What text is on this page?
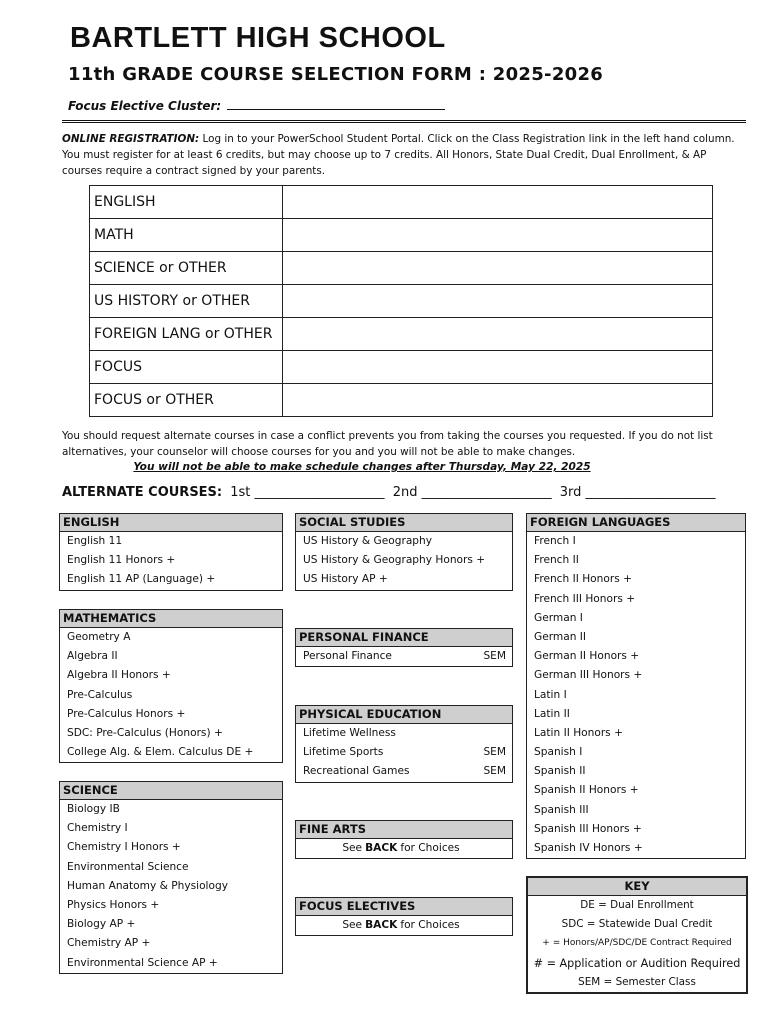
BARTLETT HIGH SCHOOL
11th GRADE COURSE SELECTION FORM : 2025-2026
Focus Elective Cluster:
ONLINE REGISTRATION: Log in to your PowerSchool Student Portal. Click on the Class Registration link in the left hand column. You must register for at least 6 credits, but may choose up to 7 credits. All Honors, State Dual Credit, Dual Enrollment, & AP courses require a contract signed by your parents.
ENGLISH	
MATH	
SCIENCE or OTHER	
US HISTORY or OTHER	
FOREIGN LANG or OTHER	
FOCUS	
FOCUS or OTHER	
You should request alternate courses in case a conflict prevents you from taking the courses you requested. If you do not list alternatives, your counselor will choose courses for you and you will not be able to make changes.
You will not be able to make schedule changes after Thursday, May 22, 2025
ALTERNATE COURSES: 1st ____________________ 2nd ____________________ 3rd ____________________
ENGLISH
English 11
English 11 Honors +
English 11 AP (Language) +
MATHEMATICS
Geometry A
Algebra II
Algebra II Honors +
Pre-Calculus
Pre-Calculus Honors +
SDC: Pre-Calculus (Honors) +
College Alg. & Elem. Calculus DE +
SCIENCE
Biology IB
Chemistry I
Chemistry I Honors +
Environmental Science
Human Anatomy & Physiology
Physics Honors +
Biology AP +
Chemistry AP +
Environmental Science AP +
SOCIAL STUDIES
US History & Geography
US History & Geography Honors +
US History AP +
PERSONAL FINANCE
Personal Finance	SEM
PHYSICAL EDUCATION
Lifetime Wellness
Lifetime Sports	SEM
Recreational Games	SEM
FINE ARTS
See BACK for Choices
FOCUS ELECTIVES
See BACK for Choices
FOREIGN LANGUAGES
French I
French II
French II Honors +
French III Honors +
German I
German II
German II Honors +
German III Honors +
Latin I
Latin II
Latin II Honors +
Spanish I
Spanish II
Spanish II Honors +
Spanish III
Spanish III Honors +
Spanish IV Honors +
KEY
DE = Dual Enrollment
SDC = Statewide Dual Credit
+ = Honors/AP/SDC/DE Contract Required
# = Application or Audition Required
SEM = Semester Class
